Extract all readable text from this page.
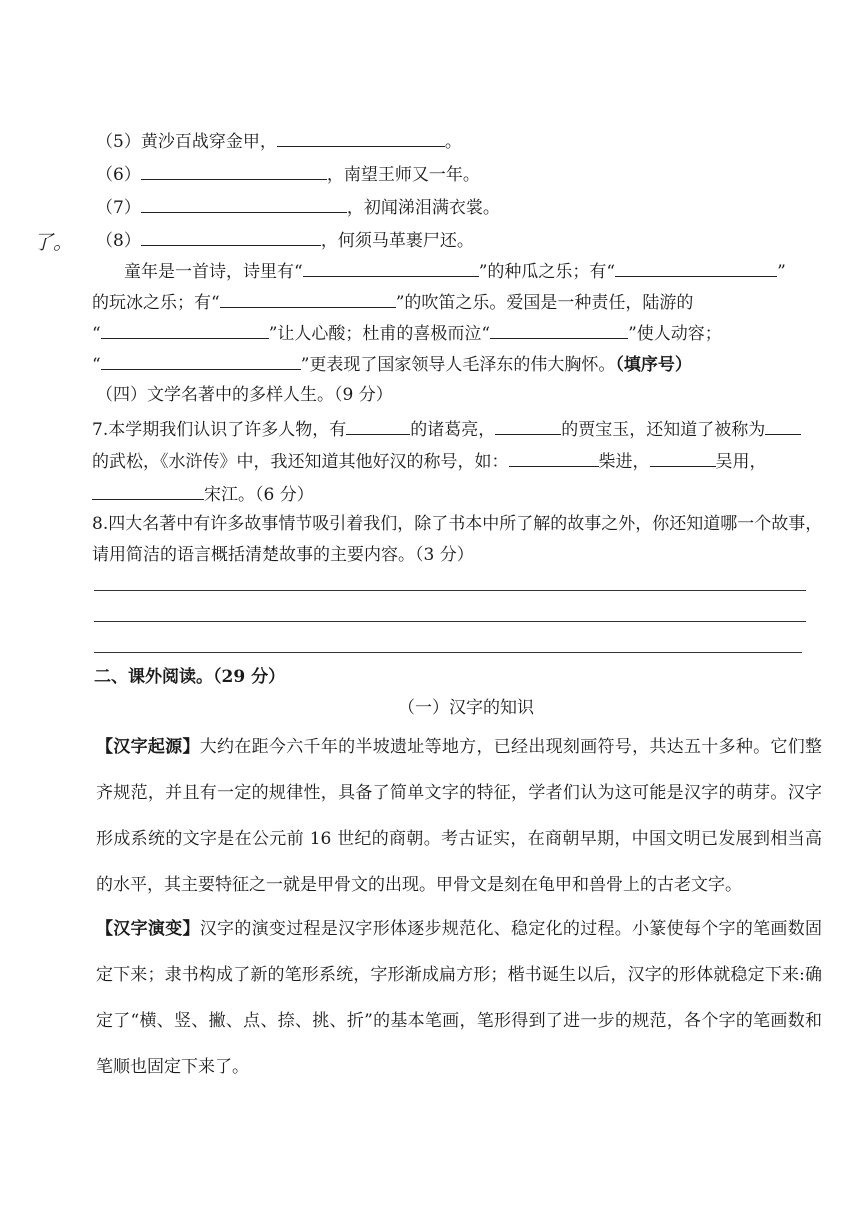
（5）黄沙百战穿金甲，	。
（6）	，南望王师又一年。
（7）	，初闻涕泪满衣裳。
了。 （8）	，何须马革裹尸还。
童年是一首诗，诗里有“	”的种瓜之乐；有“	”
的玩冰之乐；有“	”的吹笛之乐。爱国是一种责任，陆游的
“	”让人心酸；杜甫的喜极而泣“	”使人动容；
“	”更表现了国家领导人毛泽东的伟大胸怀。（填序号）
（四）文学名著中的多样人生。（9 分）
7.本学期我们认识了许多人物，有	的诸葛亮，	的贾宝玉，还知道了被称为
的武松，《水浒传》中，我还知道其他好汉的称号，如：	柴进，	吴用，
宋江。（6 分）
8.四大名著中有许多故事情节吸引着我们，除了书本中所了解的故事之外，你还知道哪一个故事，
请用简洁的语言概括清楚故事的主要内容。（3 分）
二、课外阅读。（29 分）
（一）汉字的知识
【汉字起源】大约在距今六千年的半坡遗址等地方，已经出现刻画符号，共达五十多种。它们整齐规范，并且有一定的规律性，具备了简单文字的特征，学者们认为这可能是汉字的萌芽。汉字形成系统的文字是在公元前 16 世纪的商朝。考古证实，在商朝早期，中国文明已发展到相当高的水平，其主要特征之一就是甲骨文的出现。甲骨文是刻在龟甲和兽骨上的古老文字。
【汉字演变】汉字的演变过程是汉字形体逐步规范化、稳定化的过程。小篆使每个字的笔画数固定下来；隶书构成了新的笔形系统，字形渐成扁方形；楷书诞生以后，汉字的形体就稳定下来:确定了“横、竖、撇、点、捺、挑、折”的基本笔画，笔形得到了进一步的规范，各个字的笔画数和笔顺也固定下来了。
